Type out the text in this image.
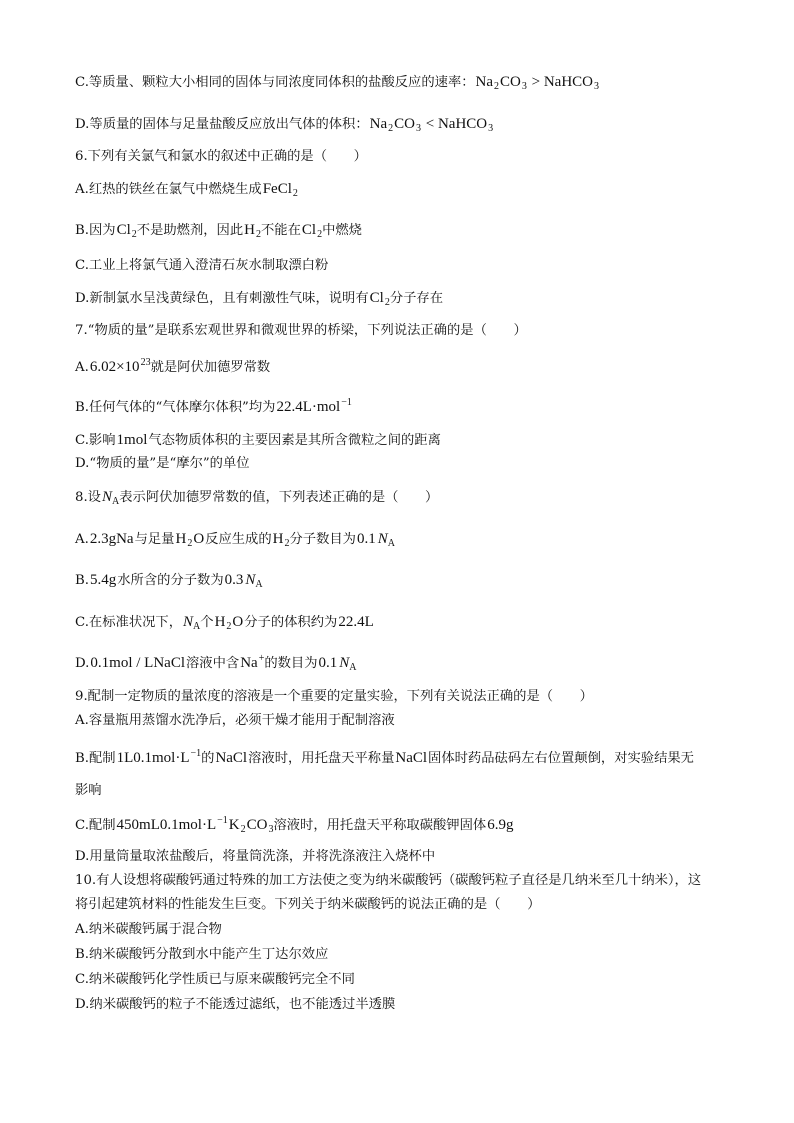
C.等质量、颗粒大小相同的固体与同浓度同体积的盐酸反应的速率：$Na_2CO_3$ > NaHCO$_3$
D.等质量的固体与足量盐酸反应放出气体的体积：$Na_2CO_3$ < NaHCO$_3$
6.下列有关氯气和氯水的叙述中正确的是（　　）
A.红热的铁丝在氯气中燃烧生成FeCl$_2$
B.因为$Cl_2$不是助燃剂，因此$H_2$不能在$Cl_2$中燃烧
C.工业上将氯气通入澄清石灰水制取漂白粉
D.新制氯水呈浅黄绿色，且有刺激性气味，说明有$Cl_2$分子存在
7.“物质的量”是联系宏观世界和微观世界的桥梁，下列说法正确的是（　　）
$A.6.02\times 10^{23}$就是阿伏加德罗常数
B.任何气体的“气体摩尔体积”均为22.4L·mol$^{-1}$
C.影响1mol气态物质体积的主要因素是其所含微粒之间的距离
D.“物质的量”是“摩尔”的单位
8.设$N_A$表示阿伏加德罗常数的值，下列表述正确的是（　　）
A.2.3gNa与足量$H_2O$反应生成的$H_2$分子数目为0.1 $N_A$
B.5.4g水所含的分子数为0.3 $N_A$
C.在标准状况下，$N_A$个$H_2O$分子的体积约为22.4L
D.0.1mol / LNaCl溶液中含Na+的数目为0.1 $N_A$
9.配制一定物质的量浓度的溶液是一个重要的定量实验，下列有关说法正确的是（　　）
A.容量瓶用蒸馏水洗净后，必须干燥才能用于配制溶液
B.配制$1L0.1mol\cdot L^{-1}$的NaCl溶液时，用托盘天平称量NaCl固体时药品砝码左右位置颠倒，对实验结果无
影响
C.配制$450mL0.1mol\cdot L^{-1}K_2CO_3$溶液时，用托盘天平称取碳酸钾固体6.9g
D.用量筒量取浓盐酸后，将量筒洗涤，并将洗涤液注入烧杯中
10.有人设想将碳酸钙通过特殊的加工方法使之变为纳米碳酸钙（碳酸钙粒子直径是几纳米至几十纳米），这
将引起建筑材料的性能发生巨变。下列关于纳米碳酸钙的说法正确的是（　　）
A.纳米碳酸钙属于混合物
B.纳米碳酸钙分散到水中能产生丁达尔效应
C.纳米碳酸钙化学性质已与原来碳酸钙完全不同
D.纳米碳酸钙的粒子不能透过滤纸，也不能透过半透膜
